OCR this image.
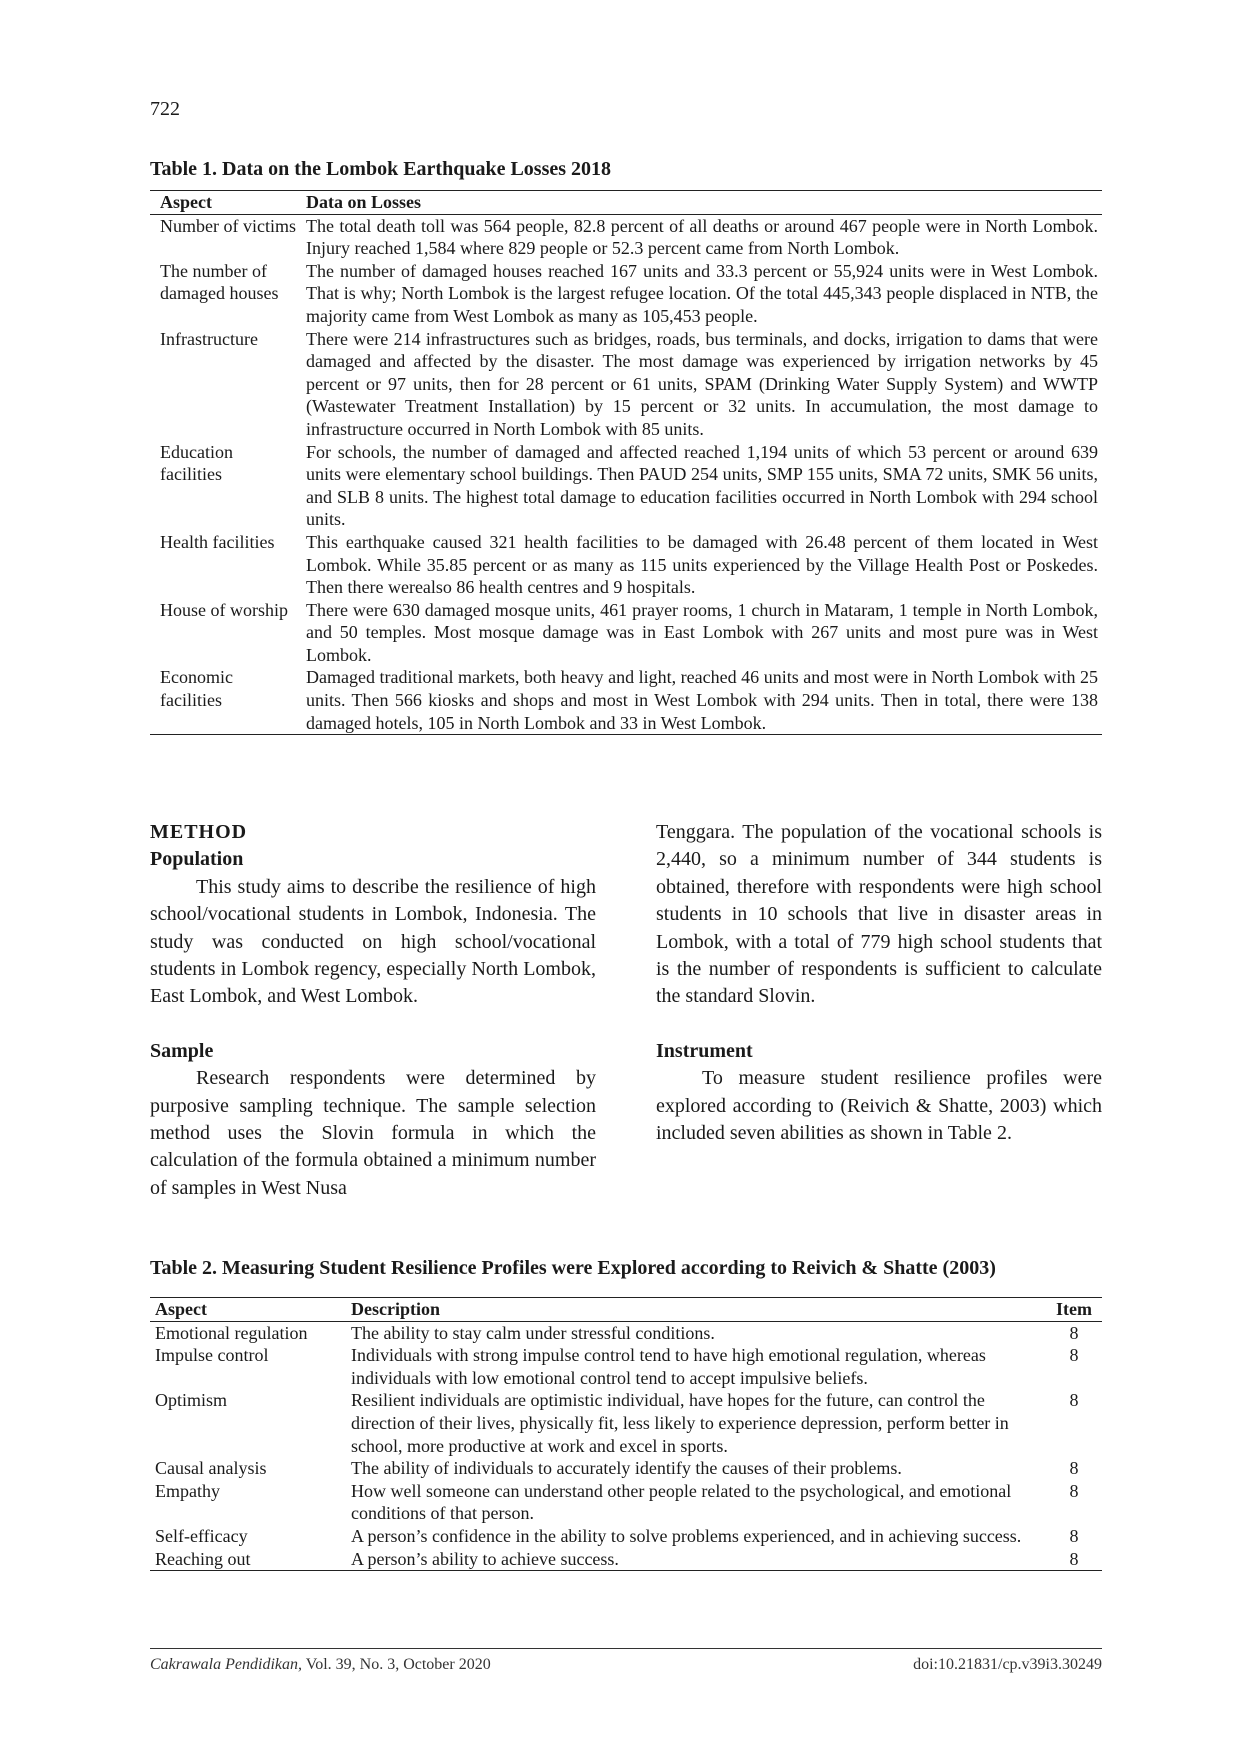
722
Table 1. Data on the Lombok Earthquake Losses 2018
Aspect	Data on Losses
Number of victims	The total death toll was 564 people, 82.8 percent of all deaths or around 467 people were in North Lombok. Injury reached 1,584 where 829 people or 52.3 percent came from North Lombok.
The number of damaged houses	The number of damaged houses reached 167 units and 33.3 percent or 55,924 units were in West Lombok. That is why; North Lombok is the largest refugee location. Of the total 445,343 people displaced in NTB, the majority came from West Lombok as many as 105,453 people.
Infrastructure	There were 214 infrastructures such as bridges, roads, bus terminals, and docks, irrigation to dams that were damaged and affected by the disaster. The most damage was experienced by irrigation networks by 45 percent or 97 units, then for 28 percent or 61 units, SPAM (Drinking Water Supply System) and WWTP (Wastewater Treatment Installation) by 15 percent or 32 units. In accumulation, the most damage to infrastructure occurred in North Lombok with 85 units.
Education facilities	For schools, the number of damaged and affected reached 1,194 units of which 53 percent or around 639 units were elementary school buildings. Then PAUD 254 units, SMP 155 units, SMA 72 units, SMK 56 units, and SLB 8 units. The highest total damage to education facilities occurred in North Lombok with 294 school units.
Health facilities	This earthquake caused 321 health facilities to be damaged with 26.48 percent of them located in West Lombok. While 35.85 percent or as many as 115 units experienced by the Village Health Post or Poskedes. Then there werealso 86 health centres and 9 hospitals.
House of worship	There were 630 damaged mosque units, 461 prayer rooms, 1 church in Mataram, 1 temple in North Lombok, and 50 temples. Most mosque damage was in East Lombok with 267 units and most pure was in West Lombok.
Economic facilities	Damaged traditional markets, both heavy and light, reached 46 units and most were in North Lombok with 25 units. Then 566 kiosks and shops and most in West Lombok with 294 units. Then in total, there were 138 damaged hotels, 105 in North Lombok and 33 in West Lombok.
METHOD
Population

This study aims to describe the resilience of high school/vocational students in Lombok, Indonesia. The study was conducted on high school/vocational students in Lombok regency, especially North Lombok, East Lombok, and West Lombok.

Sample

Research respondents were determined by purposive sampling technique. The sample selection method uses the Slovin formula in which the calculation of the formula obtained a minimum number of samples in West Nusa

Tenggara. The population of the vocational schools is 2,440, so a minimum number of 344 students is obtained, therefore with respondents were high school students in 10 schools that live in disaster areas in Lombok, with a total of 779 high school students that is the number of respondents is sufficient to calculate the standard Slovin.

Instrument

To measure student resilience profiles were explored according to (Reivich & Shatte, 2003) which included seven abilities as shown in Table 2.

Table 2. Measuring Student Resilience Profiles were Explored according to Reivich & Shatte (2003)
Aspect	Description	Item
Emotional regulation	The ability to stay calm under stressful conditions.	8
Impulse control	Individuals with strong impulse control tend to have high emotional regulation, whereas individuals with low emotional control tend to accept impulsive beliefs.	8
Optimism	Resilient individuals are optimistic individual, have hopes for the future, can control the direction of their lives, physically fit, less likely to experience depression, perform better in school, more productive at work and excel in sports.	8
Causal analysis	The ability of individuals to accurately identify the causes of their problems.	8
Empathy	How well someone can understand other people related to the psychological, and emotional conditions of that person.	8
Self-efficacy	A person’s confidence in the ability to solve problems experienced, and in achieving success.	8
Reaching out	A person’s ability to achieve success.	8
Cakrawala Pendidikan, Vol. 39, No. 3, October 2020	doi:10.21831/cp.v39i3.30249
